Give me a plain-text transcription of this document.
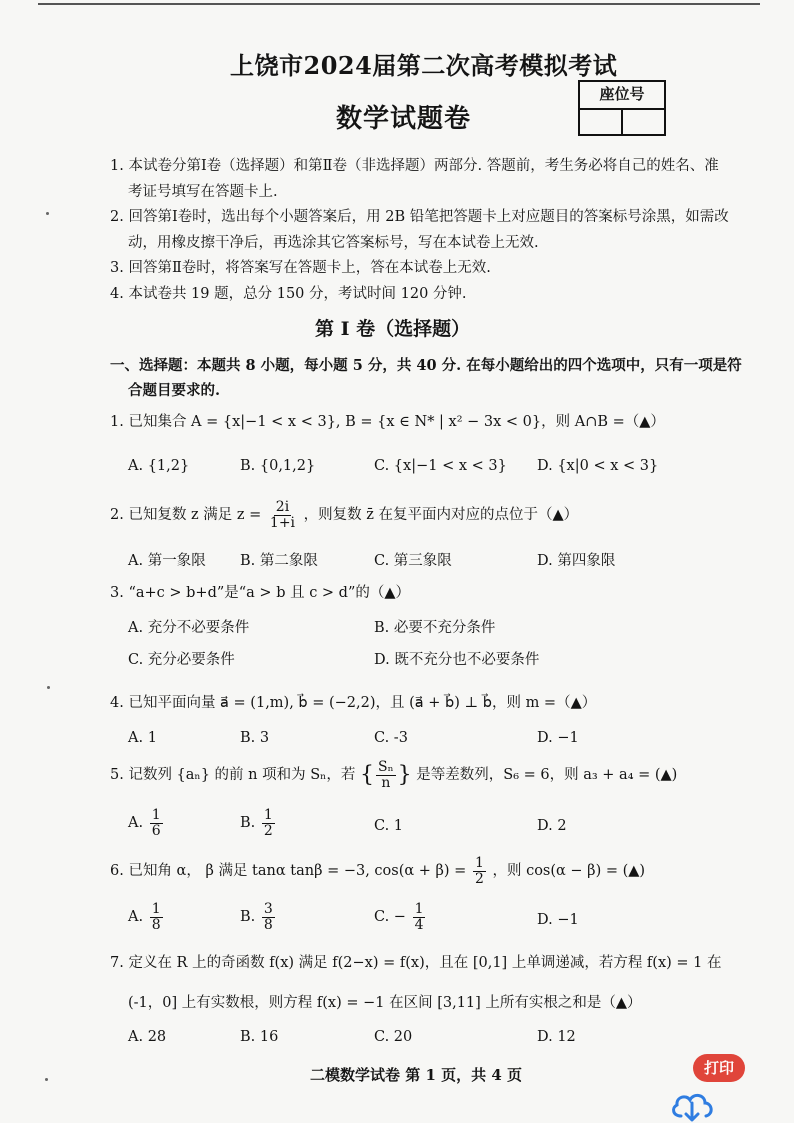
上饶市2024届第二次高考模拟考试
数学试题卷
座位号
1. 本试卷分第Ⅰ卷（选择题）和第Ⅱ卷（非选择题）两部分. 答题前，考生务必将自己的姓名、准
考证号填写在答题卡上.
2. 回答第Ⅰ卷时，选出每个小题答案后，用 2B 铅笔把答题卡上对应题目的答案标号涂黑，如需改
动，用橡皮擦干净后，再选涂其它答案标号，写在本试卷上无效.
3. 回答第Ⅱ卷时，将答案写在答题卡上，答在本试卷上无效.
4. 本试卷共 19 题，总分 150 分，考试时间 120 分钟.
第 I 卷（选择题）
一、选择题：本题共 8 小题，每小题 5 分，共 40 分. 在每小题给出的四个选项中，只有一项是符
合题目要求的.
1. 已知集合 A = {x|−1 < x < 3}, B = {x ∈ N* | x² − 3x < 0}，则 A∩B =（▲）
A. {1,2}	B. {0,1,2}	C. {x|−1 < x < 3} D. {x|0 < x < 3}
2. 已知复数 z 满足 $z = \frac{2i}{1+i}$ ，则复数 z̄ 在复平面内对应的点位于（▲）
A. 第一象限 B. 第二象限	C. 第三象限	D. 第四象限
3. “a+c > b+d”是“a > b 且 c > d”的（▲）
A. 充分不必要条件	B. 必要不充分条件
C. 充分必要条件	D. 既不充分也不必要条件
4. 已知平面向量 a⃗ = (1,m), b⃗ = (−2,2)，且 (a⃗ + b⃗) ⊥ b⃗，则 m =（▲）
A. 1	B. 3	C. -3	D. −1
5. 记数列 {aₙ} 的前 n 项和为 Sₙ，若 { $\frac{\text{Sₙ}}{n}$ } 是等差数列，S₆ = 6，则 a₃ + a₄ = (▲)
A. $\frac{1}{6}$	B. $\frac{1}{2}$	C. 1	D. 2
6. 已知角 α， β 满足 tanα tanβ = −3, $\cos(\alpha + \beta) = \frac{1}{2}$ ，则 cos(α − β) = (▲)
A. $\frac{1}{8}$	B. $\frac{3}{8}$	C. − $\frac{1}{4}$	D. −1
7. 定义在 R 上的奇函数 f(x) 满足 f(2−x) = f(x)，且在 [0,1] 上单调递减，若方程 f(x) = 1 在
(-1，0] 上有实数根，则方程 f(x) = −1 在区间 [3,11] 上所有实根之和是（▲）
A. 28	B. 16	C. 20	D. 12
二模数学试卷 第 1 页，共 4 页	打印
